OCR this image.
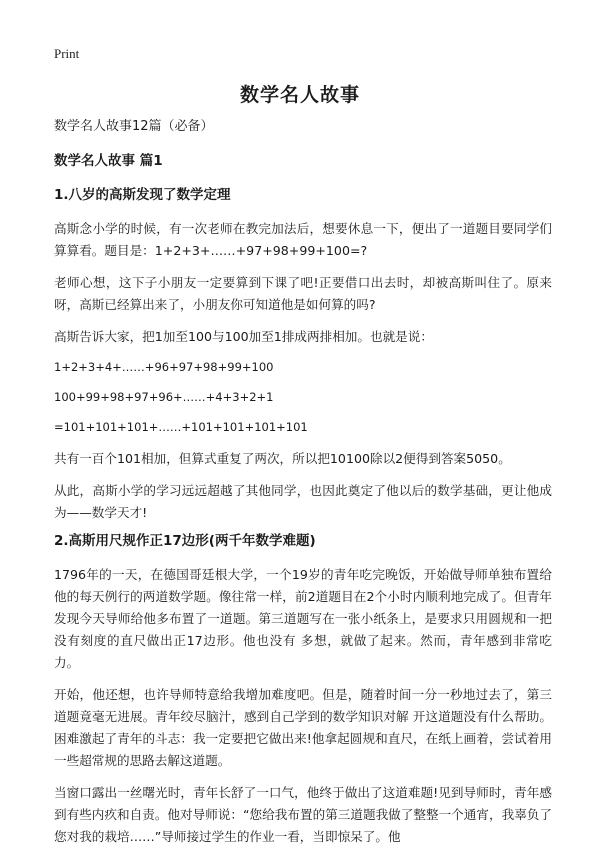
Print
数学名人故事

数学名人故事12篇（必备）

数学名人故事 篇1

1.八岁的高斯发现了数学定理

高斯念小学的时候，有一次老师在教完加法后，想要休息一下，便出了一道题目要同学们算算看。题目是：1+2+3+……+97+98+99+100=?

老师心想，这下子小朋友一定要算到下课了吧!正要借口出去时，却被高斯叫住了。原来呀，高斯已经算出来了，小朋友你可知道他是如何算的吗?

高斯告诉大家，把1加至100与100加至1排成两排相加。也就是说：

1+2+3+4+……+96+97+98+99+100

100+99+98+97+96+……+4+3+2+1

=101+101+101+……+101+101+101+101

共有一百个101相加，但算式重复了两次，所以把10100除以2便得到答案5050。

从此，高斯小学的学习远远超越了其他同学，也因此奠定了他以后的数学基础，更让他成为——数学天才!

2.高斯用尺规作正17边形(两千年数学难题)

1796年的一天，在德国哥廷根大学，一个19岁的青年吃完晚饭，开始做导师单独布置给他的每天例行的两道数学题。像往常一样，前2道题目在2个小时内顺利地完成了。但青年发现今天导师给他多布置了一道题。第三道题写在一张小纸条上，是要求只用圆规和一把没有刻度的直尺做出正17边形。他也没有 多想，就做了起来。然而，青年感到非常吃力。

开始，他还想，也许导师特意给我增加难度吧。但是，随着时间一分一秒地过去了，第三道题竟毫无进展。青年绞尽脑汁，感到自己学到的数学知识对解 开这道题没有什么帮助。困难激起了青年的斗志：我一定要把它做出来!他拿起圆规和直尺，在纸上画着，尝试着用一些超常规的思路去解这道题。

当窗口露出一丝曙光时，青年长舒了一口气，他终于做出了这道难题!见到导师时，青年感到有些内疚和自责。他对导师说：“您给我布置的第三道题我做了整整一个通宵，我辜负了您对我的栽培……”导师接过学生的作业一看，当即惊呆了。他
